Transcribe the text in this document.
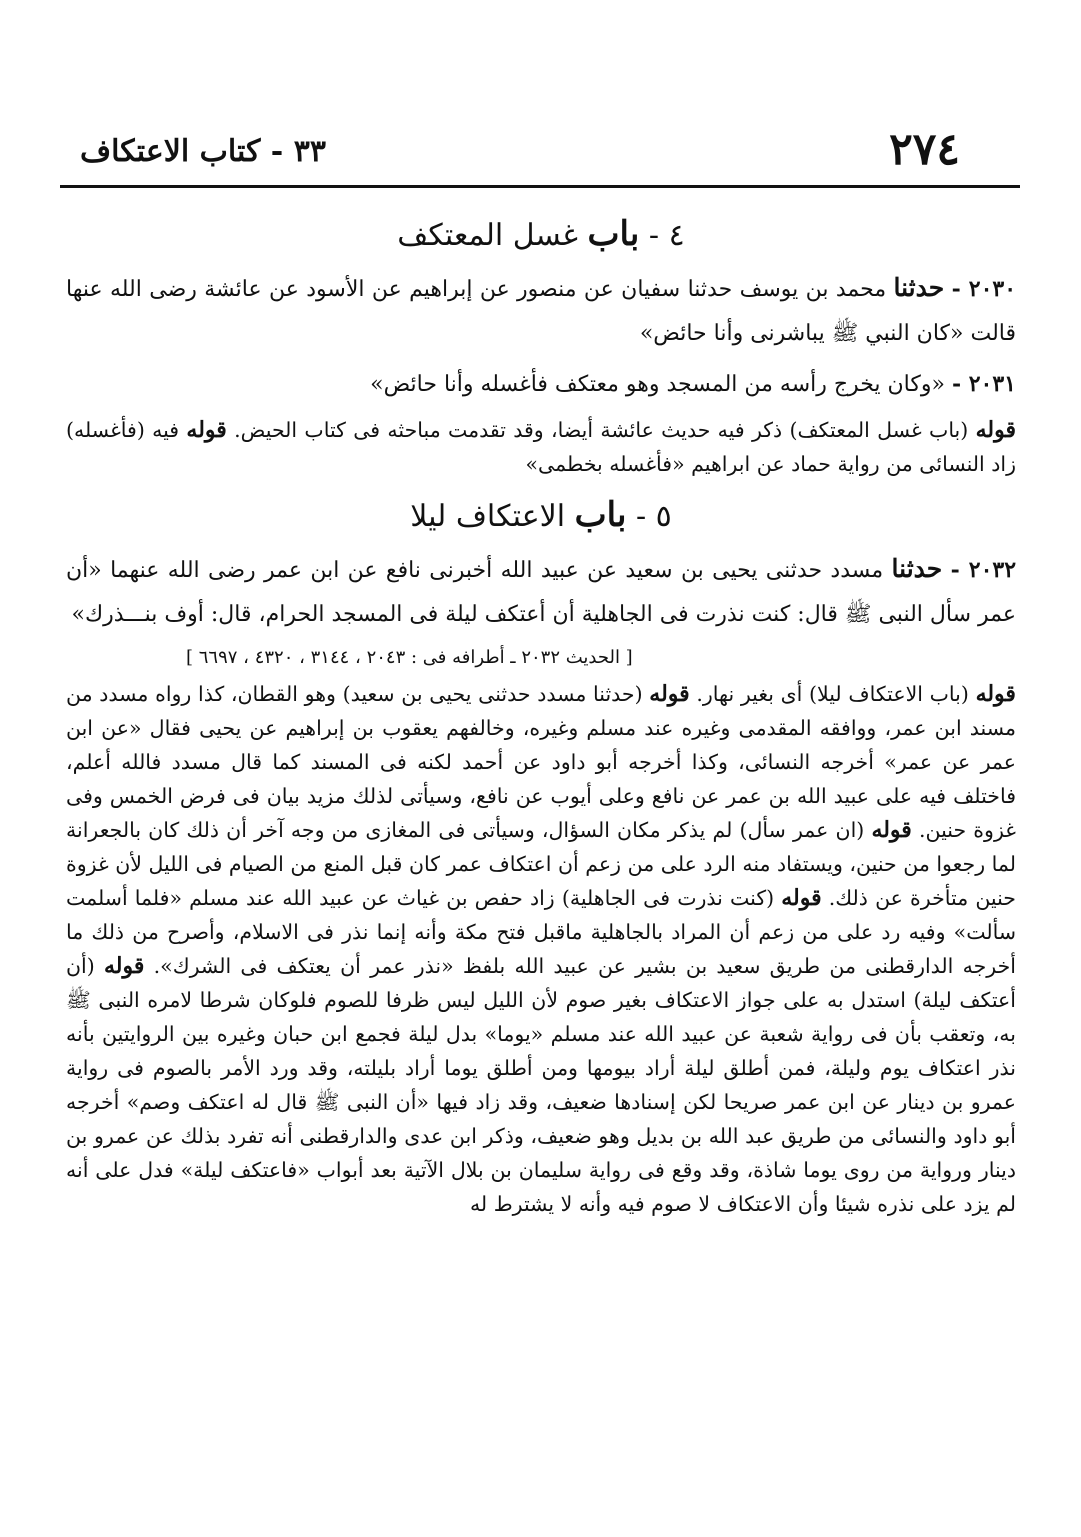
٢٧٤
٣٣ - كتاب الاعتكاف
٤ - باب غسل المعتكف

٢٠٣٠ - حدثنا محمد بن يوسف حدثنا سفيان عن منصور عن إبراهيم عن الأسود عن عائشة رضى الله عنها قالت «كان النبي ﷺ يباشرنى وأنا حائض»

٢٠٣١ - «وكان يخرج رأسه من المسجد وهو معتكف فأغسله وأنا حائض»

قوله (باب غسل المعتكف) ذكر فيه حديث عائشة أيضا، وقد تقدمت مباحثه فى كتاب الحيض. قوله فيه (فأغسله) زاد النسائى من رواية حماد عن ابراهيم «فأغسله بخطمى»

٥ - باب الاعتكاف ليلا

٢٠٣٢ - حدثنا مسدد حدثنى يحيى بن سعيد عن عبيد الله أخبرنى نافع عن ابن عمر رضى الله عنهما «أن عمر سأل النبى ﷺ قال: كنت نذرت فى الجاهلية أن أعتكف ليلة فى المسجد الحرام، قال: أوف بنـــذرك»

[ الحديث ٢٠٣٢ ـ أطرافه فى : ٢٠٤٣ ، ٣١٤٤ ، ٤٣٢٠ ، ٦٦٩٧ ]

قوله (باب الاعتكاف ليلا) أى بغير نهار. قوله (حدثنا مسدد حدثنى يحيى بن سعيد) وهو القطان، كذا رواه مسدد من مسند ابن عمر، ووافقه المقدمى وغيره عند مسلم وغيره، وخالفهم يعقوب بن إبراهيم عن يحيى فقال «عن ابن عمر عن عمر» أخرجه النسائى، وكذا أخرجه أبو داود عن أحمد لكنه فى المسند كما قال مسدد فالله أعلم، فاختلف فيه على عبيد الله بن عمر عن نافع وعلى أيوب عن نافع، وسيأتى لذلك مزيد بيان فى فرض الخمس وفى غزوة حنين. قوله (ان عمر سأل) لم يذكر مكان السؤال، وسيأتى فى المغازى من وجه آخر أن ذلك كان بالجعرانة لما رجعوا من حنين، ويستفاد منه الرد على من زعم أن اعتكاف عمر كان قبل المنع من الصيام فى الليل لأن غزوة حنين متأخرة عن ذلك. قوله (كنت نذرت فى الجاهلية) زاد حفص بن غياث عن عبيد الله عند مسلم «فلما أسلمت سألت» وفيه رد على من زعم أن المراد بالجاهلية ماقبل فتح مكة وأنه إنما نذر فى الاسلام، وأصرح من ذلك ما أخرجه الدارقطنى من طريق سعيد بن بشير عن عبيد الله بلفظ «نذر عمر أن يعتكف فى الشرك». قوله (أن أعتكف ليلة) استدل به على جواز الاعتكاف بغير صوم لأن الليل ليس ظرفا للصوم فلوكان شرطا لامره النبى ﷺ به، وتعقب بأن فى رواية شعبة عن عبيد الله عند مسلم «يوما» بدل ليلة فجمع ابن حبان وغيره بين الروايتين بأنه نذر اعتكاف يوم وليلة، فمن أطلق ليلة أراد بيومها ومن أطلق يوما أراد بليلته، وقد ورد الأمر بالصوم فى رواية عمرو بن دينار عن ابن عمر صريحا لكن إسنادها ضعيف، وقد زاد فيها «أن النبى ﷺ قال له اعتكف وصم» أخرجه أبو داود والنسائى من طريق عبد الله بن بديل وهو ضعيف، وذكر ابن عدى والدارقطنى أنه تفرد بذلك عن عمرو بن دينار ورواية من روى يوما شاذة، وقد وقع فى رواية سليمان بن بلال الآتية بعد أبواب «فاعتكف ليلة» فدل على أنه لم يزد على نذره شيئا وأن الاعتكاف لا صوم فيه وأنه لا يشترط له
